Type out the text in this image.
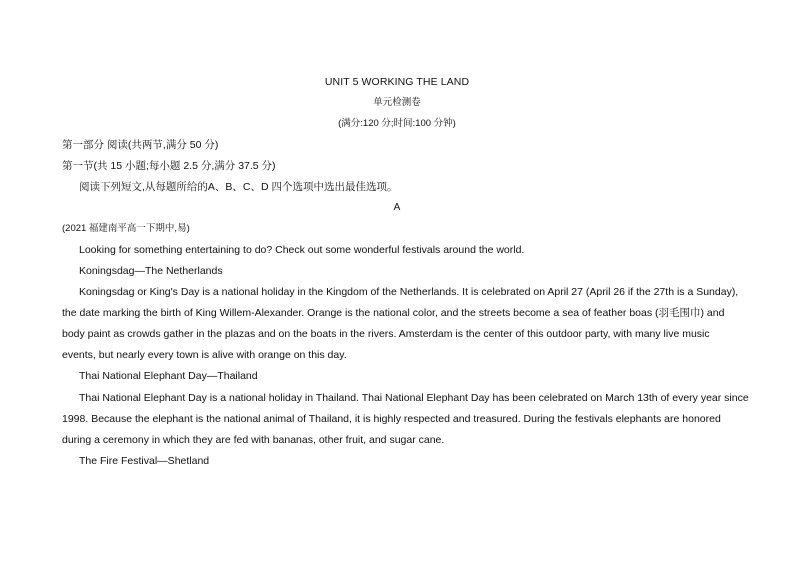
UNIT 5 WORKING THE LAND
单元检测卷
(满分:120 分;时间:100 分钟)
第一部分 阅读(共两节,满分 50 分)
第一节(共 15 小题;每小题 2.5 分,满分 37.5 分)
阅读下列短文,从每题所给的A、B、C、D 四个选项中选出最佳选项。
A
(2021 福建南平高一下期中,易)
Looking for something entertaining to do? Check out some wonderful festivals around the world.
Koningsdag—The Netherlands
Koningsdag or King's Day is a national holiday in the Kingdom of the Netherlands. It is celebrated on April 27 (April 26 if the 27th is a Sunday),
the date marking the birth of King Willem-Alexander. Orange is the national color, and the streets become a sea of feather boas (羽毛围巾) and
body paint as crowds gather in the plazas and on the boats in the rivers. Amsterdam is the center of this outdoor party, with many live music
events, but nearly every town is alive with orange on this day.
Thai National Elephant Day—Thailand
Thai National Elephant Day is a national holiday in Thailand. Thai National Elephant Day has been celebrated on March 13th of every year since
1998. Because the elephant is the national animal of Thailand, it is highly respected and treasured. During the festivals elephants are honored
during a ceremony in which they are fed with bananas, other fruit, and sugar cane.
The Fire Festival—Shetland
